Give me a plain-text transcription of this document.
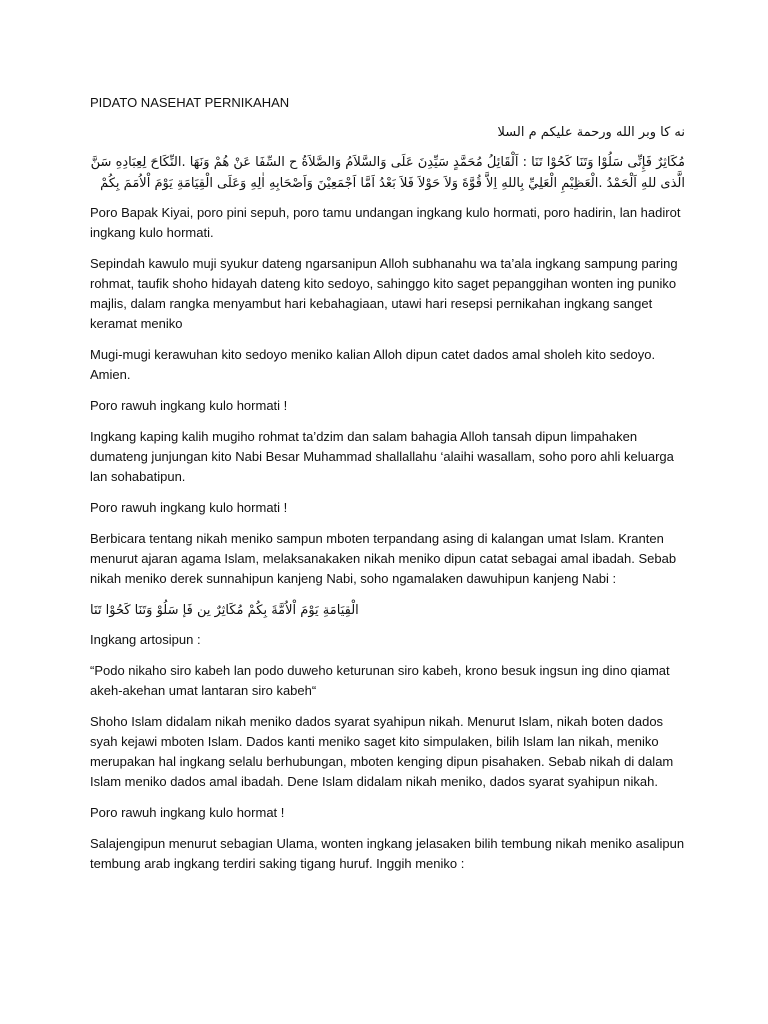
PIDATO NASEHAT PERNIKAHAN
نه كا وبر الله ورحمة عليكم م السلا
مُكَاثِرٌ فَإِنِّى سَلُوْا وَتَنَا كَحُوْا تَنَا : اَلْقَائِلُ مُحَمَّدٍ سَيِّدِنَ عَلَى وَالسَّلاَمُ وَالصَّلاَةُ ح السِّفَا عَنْ هُمْ وَنَهَا .النِّكَاحَ لِعِبَادِهِ سَنَّ الَّذى للهِ اَلْحَمْدُ .الْعَظِيْمِ الْعَلِيِّ بِاللهِ اِلاَّ قُوَّةَ وَلاَ حَوْلاَ فَلاَ بَعْدُ اَمَّا اَجْمَعِيْنَ وَاَصْحَابِهِ اٰلِهِ وَعَلَى الْقِيَامَةِ يَوْمَ اْلاُمَمَ بِكُمْ

Poro Bapak Kiyai, poro pini sepuh, poro tamu undangan ingkang kulo hormati, poro hadirin, lan hadirot ingkang kulo hormati.

Sepindah kawulo muji syukur dateng ngarsanipun Alloh subhanahu wa ta’ala ingkang sampung paring rohmat, taufik shoho hidayah dateng kito sedoyo, sahinggo kito saget pepanggihan wonten ing puniko majlis, dalam rangka menyambut hari kebahagiaan, utawi hari resepsi pernikahan ingkang sanget keramat meniko

Mugi-mugi kerawuhan kito sedoyo meniko kalian Alloh dipun catet dados amal sholeh kito sedoyo. Amien.

Poro rawuh ingkang kulo hormati !

Ingkang kaping kalih mugiho rohmat ta’dzim dan salam bahagia Alloh tansah dipun limpahaken dumateng junjungan kito Nabi Besar Muhammad shallallahu ‘alaihi wasallam, soho poro ahli keluarga lan sohabatipun.

Poro rawuh ingkang kulo hormati !

Berbicara tentang nikah meniko sampun mboten terpandang asing di kalangan umat Islam. Kranten menurut ajaran agama Islam, melaksanakaken nikah meniko dipun catat sebagai amal ibadah. Sebab nikah meniko derek sunnahipun kanjeng Nabi, soho ngamalaken dawuhipun kanjeng Nabi :

الْقِيَامَةِ يَوْمَ اْلاُمَّةَ بِكُمْ مُكَاثِرٌ ىِن فَإ سَلُوْ وَتَنَا كَحُوْا تَنَا

Ingkang artosipun :

“Podo nikaho siro kabeh lan podo duweho keturunan siro kabeh, krono besuk ingsun ing dino qiamat akeh-akehan umat lantaran siro kabeh“

Shoho Islam didalam nikah meniko dados syarat syahipun nikah. Menurut Islam, nikah boten dados syah kejawi mboten Islam. Dados kanti meniko saget kito simpulaken, bilih Islam lan nikah, meniko merupakan hal ingkang selalu berhubungan, mboten kenging dipun pisahaken. Sebab nikah di dalam Islam meniko dados amal ibadah. Dene Islam didalam nikah meniko, dados syarat syahipun nikah.

Poro rawuh ingkang kulo hormat !

Salajengipun menurut sebagian Ulama, wonten ingkang jelasaken bilih tembung nikah meniko asalipun tembung arab ingkang terdiri saking tigang huruf. Inggih meniko :
